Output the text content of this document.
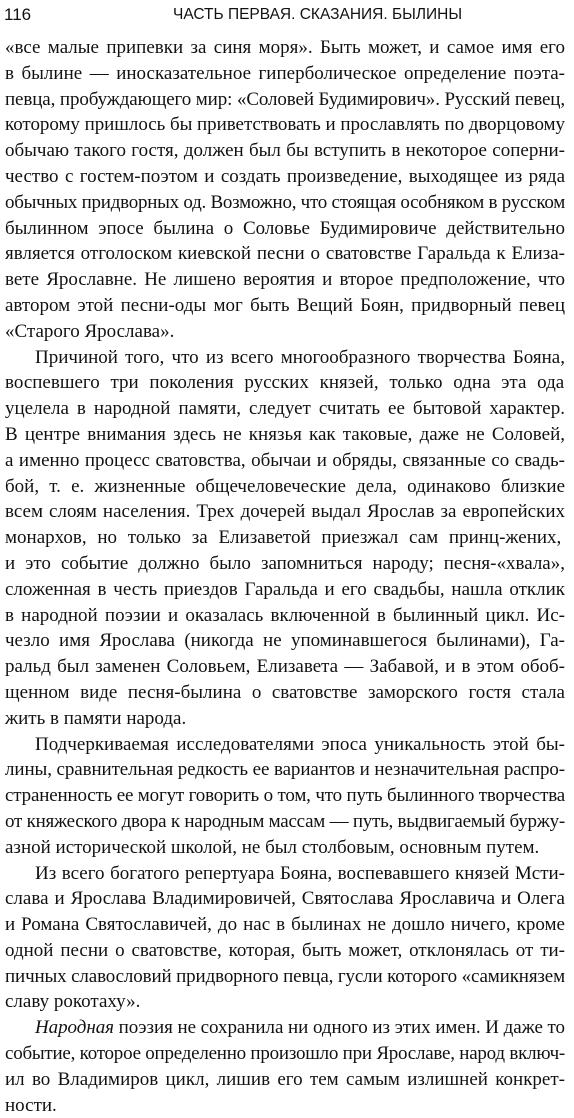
116	ЧАСТЬ ПЕРВАЯ. СКАЗАНИЯ. БЫЛИНЫ
«все малые припевки за синя моря». Быть может, и самое имя его
в былине — иносказательное гиперболическое определение поэта-
певца, пробуждающего мир: «Соловей Будимирович». Русский певец,
которому пришлось бы приветствовать и прославлять по дворцовому
обычаю такого гостя, должен был бы вступить в некоторое соперни-
чество с гостем-поэтом и создать произведение, выходящее из ряда
обычных придворных од. Возможно, что стоящая особняком в русском
былинном эпосе былина о Соловье Будимировиче действительно
является отголоском киевской песни о сватовстве Гаральда к Елиза-
вете Ярославне. Не лишено вероятия и второе предположение, что
автором этой песни-оды мог быть Вещий Боян, придворный певец
«Старого Ярослава».
Причиной того, что из всего многообразного творчества Бояна,
воспевшего три поколения русских князей, только одна эта ода
уцелела в народной памяти, следует считать ее бытовой характер.
В центре внимания здесь не князья как таковые, даже не Соловей,
а именно процесс сватовства, обычаи и обряды, связанные со свадь-
бой, т. е. жизненные общечеловеческие дела, одинаково близкие
всем слоям населения. Трех дочерей выдал Ярослав за европейских
монархов, но только за Елизаветой приезжал сам принц-жених,
и это событие должно было запомниться народу; песня-«хвала»,
сложенная в честь приездов Гаральда и его свадьбы, нашла отклик
в народной поэзии и оказалась включенной в былинный цикл. Ис-
чезло имя Ярослава (никогда не упоминавшегося былинами), Га-
ральд был заменен Соловьем, Елизавета — Забавой, и в этом обоб-
щенном виде песня-былина о сватовстве заморского гостя стала
жить в памяти народа.
Подчеркиваемая исследователями эпоса уникальность этой бы-
лины, сравнительная редкость ее вариантов и незначительная распро-
страненность ее могут говорить о том, что путь былинного творчества
от княжеского двора к народным массам — путь, выдвигаемый буржу-
азной исторической школой, не был столбовым, основным путем.
Из всего богатого репертуара Бояна, воспевавшего князей Мсти-
слава и Ярослава Владимировичей, Святослава Ярославича и Олега
и Романа Святославичей, до нас в былинах не дошло ничего, кроме
одной песни о сватовстве, которая, быть может, отклонялась от ти-
пичных славословий придворного певца, гусли которого «самикнязем
славу рокотаху».
Народная поэзия не сохранила ни одного из этих имен. И даже то
событие, которое определенно произошло при Ярославе, народ включ-
ил во Владимиров цикл, лишив его тем самым излишней конкрет-
ности.
